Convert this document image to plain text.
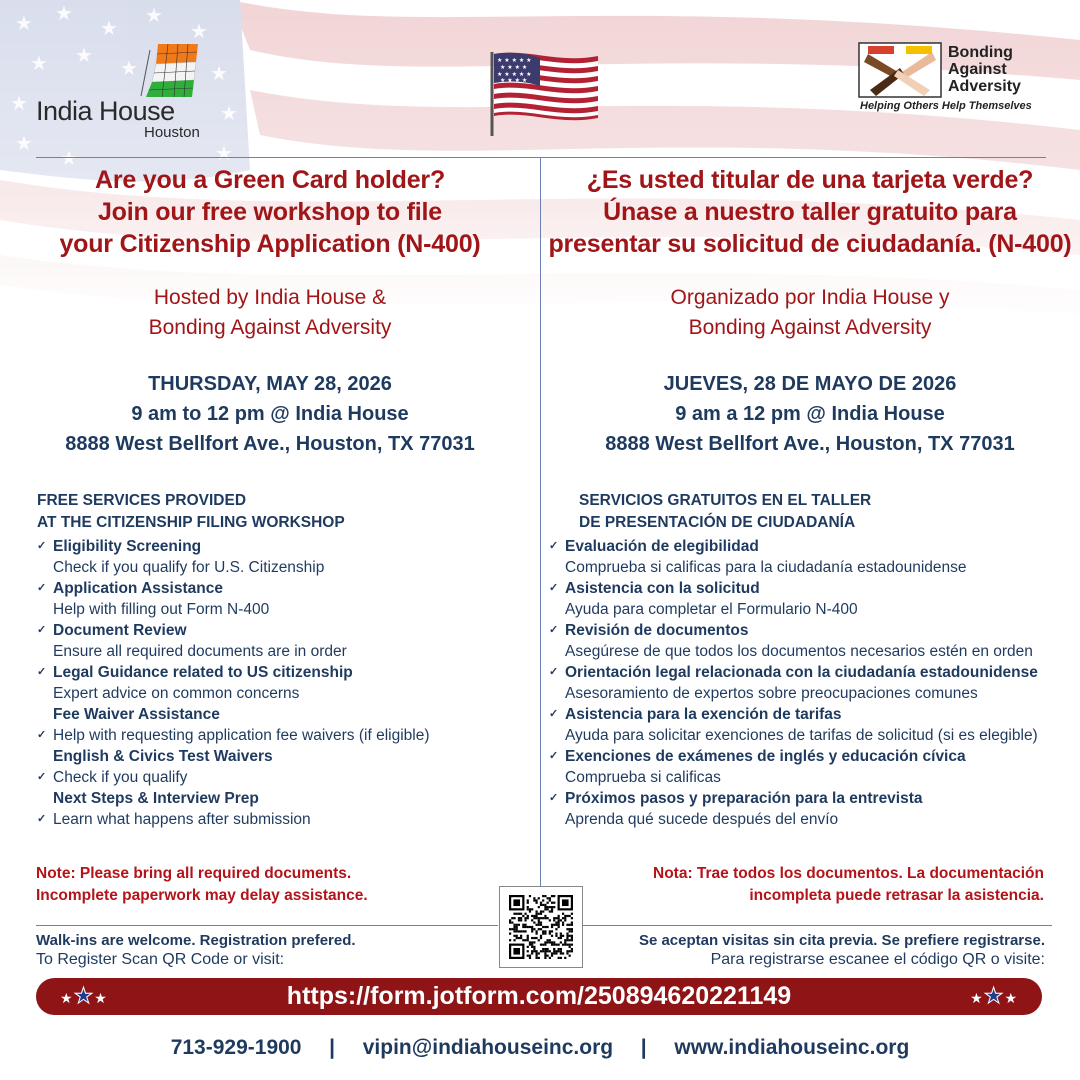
India House
Houston
★ ★ ★ ★ ★
★ ★ ★ ★
★ ★ ★ ★ ★
★ ★ ★ ★
Bonding
Against
Adversity
Helping Others Help Themselves
Are you a Green Card holder?
Join our free workshop to file
your Citizenship Application (N-400)
Hosted by India House &
Bonding Against Adversity
THURSDAY, MAY 28, 2026
9 am to 12 pm @ India House
8888 West Bellfort Ave., Houston, TX 77031
FREE SERVICES PROVIDED
AT THE CITIZENSHIP FILING WORKSHOP
✓ Eligibility Screening
Check if you qualify for U.S. Citizenship
✓ Application Assistance
Help with filling out Form N-400
✓ Document Review
Ensure all required documents are in order
✓ Legal Guidance related to US citizenship
Expert advice on common concerns
Fee Waiver Assistance
✓ Help with requesting application fee waivers (if eligible)
English & Civics Test Waivers
✓ Check if you qualify
Next Steps & Interview Prep
✓ Learn what happens after submission
¿Es usted titular de una tarjeta verde?
Únase a nuestro taller gratuito para
presentar su solicitud de ciudadanía. (N-400)
Organizado por India House y
Bonding Against Adversity
JUEVES, 28 DE MAYO DE 2026
9 am a 12 pm @ India House
8888 West Bellfort Ave., Houston, TX 77031
SERVICIOS GRATUITOS EN EL TALLER
DE PRESENTACIÓN DE CIUDADANÍA
✓ Evaluación de elegibilidad
Comprueba si calificas para la ciudadanía estadounidense
✓ Asistencia con la solicitud
Ayuda para completar el Formulario N-400
✓ Revisión de documentos
Asegúrese de que todos los documentos necesarios estén en orden
✓ Orientación legal relacionada con la ciudadanía estadounidense
Asesoramiento de expertos sobre preocupaciones comunes
✓ Asistencia para la exención de tarifas
Ayuda para solicitar exenciones de tarifas de solicitud (si es elegible)
✓ Exenciones de exámenes de inglés y educación cívica
Comprueba si calificas
✓ Próximos pasos y preparación para la entrevista
Aprenda qué sucede después del envío
Note: Please bring all required documents.
Incomplete paperwork may delay assistance.
Nota: Trae todos los documentos. La documentación
incompleta puede retrasar la asistencia.
Walk-ins are welcome. Registration prefered.
To Register Scan QR Code or visit:
Se aceptan visitas sin cita previa. Se prefiere registrarse.
Para registrarse escanee el código QR o visite:
★★★	https://form.jotform.com/250894620221149	★★★
713-929-1900 | vipin@indiahouseinc.org | www.indiahouseinc.org
